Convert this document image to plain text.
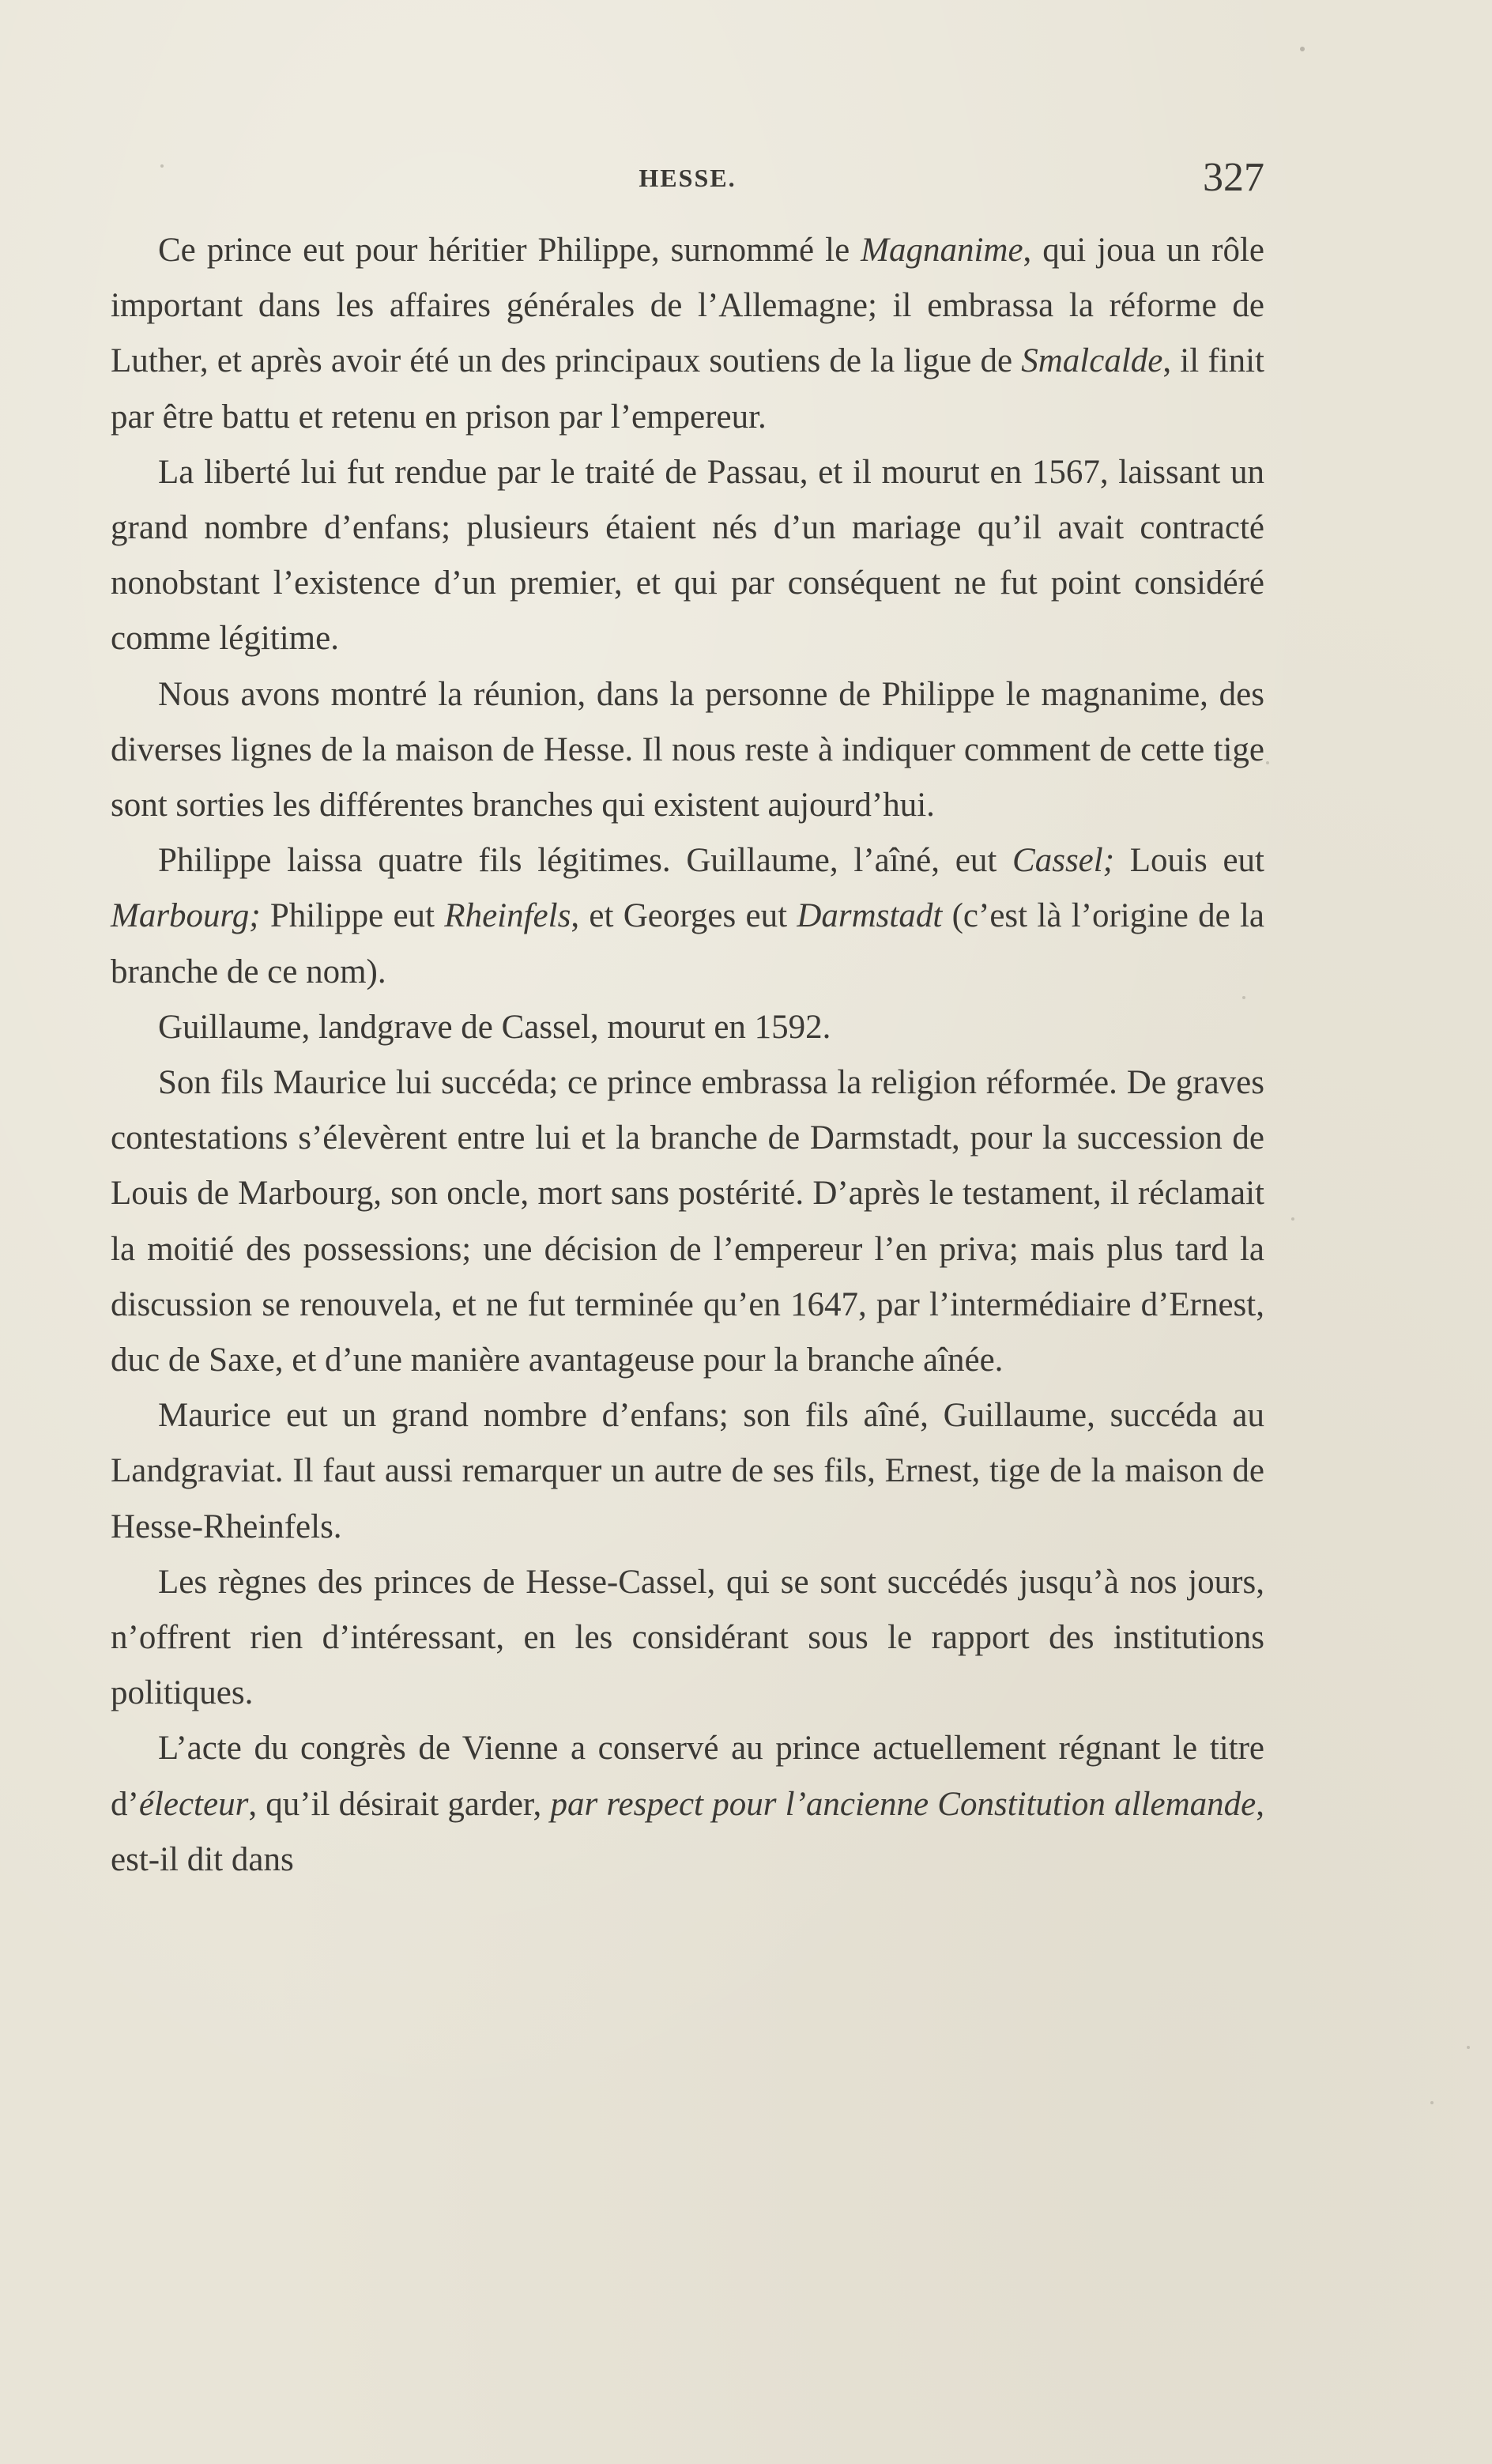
HESSE.	327

Ce prince eut pour héritier Philippe, surnommé le Magnanime, qui joua un rôle important dans les affaires générales de l’Allemagne; il embrassa la réforme de Luther, et après avoir été un des principaux soutiens de la ligue de Smalcalde, il finit par être battu et retenu en prison par l’empereur.

La liberté lui fut rendue par le traité de Passau, et il mourut en 1567, laissant un grand nombre d’enfans; plusieurs étaient nés d’un mariage qu’il avait contracté nonobstant l’existence d’un premier, et qui par conséquent ne fut point considéré comme légitime.

Nous avons montré la réunion, dans la personne de Philippe le magnanime, des diverses lignes de la maison de Hesse. Il nous reste à indiquer comment de cette tige sont sorties les différentes branches qui existent aujourd’hui.

Philippe laissa quatre fils légitimes. Guillaume, l’aîné, eut Cassel; Louis eut Marbourg; Philippe eut Rheinfels, et Georges eut Darmstadt (c’est là l’origine de la branche de ce nom).

Guillaume, landgrave de Cassel, mourut en 1592.

Son fils Maurice lui succéda; ce prince embrassa la religion réformée. De graves contestations s’élevèrent entre lui et la branche de Darmstadt, pour la succession de Louis de Marbourg, son oncle, mort sans postérité. D’après le testament, il réclamait la moitié des possessions; une décision de l’empereur l’en priva; mais plus tard la discussion se renouvela, et ne fut terminée qu’en 1647, par l’intermédiaire d’Ernest, duc de Saxe, et d’une manière avantageuse pour la branche aînée.

Maurice eut un grand nombre d’enfans; son fils aîné, Guillaume, succéda au Landgraviat. Il faut aussi remarquer un autre de ses fils, Ernest, tige de la maison de Hesse-Rheinfels.

Les règnes des princes de Hesse-Cassel, qui se sont succédés jusqu’à nos jours, n’offrent rien d’intéressant, en les considérant sous le rapport des institutions politiques.

L’acte du congrès de Vienne a conservé au prince actuellement régnant le titre d’électeur, qu’il désirait garder, par respect pour l’ancienne Constitution allemande, est-il dit dans
